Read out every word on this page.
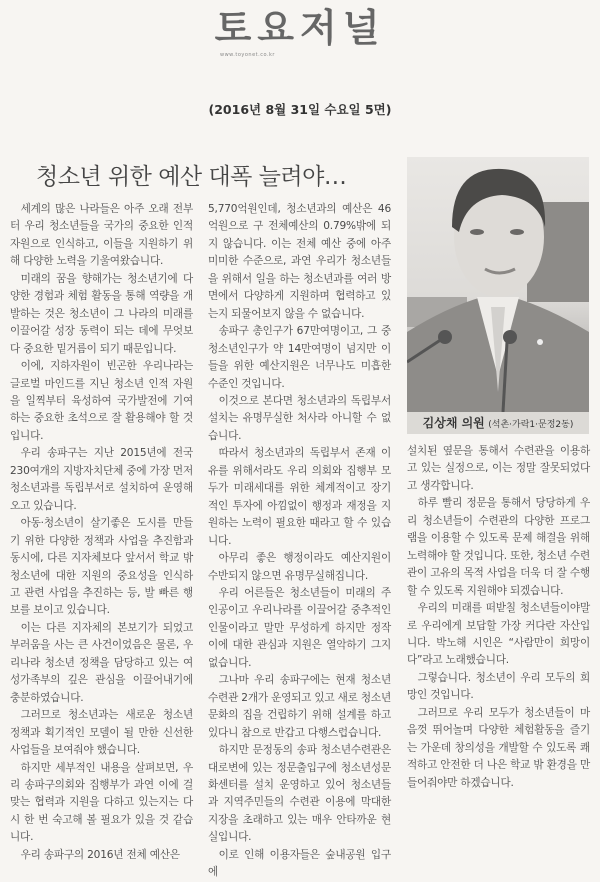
토요저널
www.toyonet.co.kr
(2016년 8월 31일 수요일 5면)
청소년 위한 예산 대폭 늘려야…
김상채 의원 (석촌·가락1·문정2동)

세계의 많은 나라들은 아주 오래 전부터 우리 청소년들을 국가의 중요한 인적 자원으로 인식하고, 이들을 지원하기 위해 다양한 노력을 기울여왔습니다.

미래의 꿈을 향해가는 청소년기에 다양한 경험과 체험 활동을 통해 역량을 개발하는 것은 청소년이 그 나라의 미래를 이끌어갈 성장 동력이 되는 데에 무엇보다 중요한 밑거름이 되기 때문입니다.

이에, 지하자원이 빈곤한 우리나라는 글로벌 마인드를 지닌 청소년 인적 자원을 일찍부터 육성하여 국가발전에 기여하는 중요한 초석으로 잘 활용해야 할 것입니다.

우리 송파구는 지난 2015년에 전국 230여개의 지방자치단체 중에 가장 먼저 청소년과를 독립부서로 설치하여 운영해오고 있습니다.

아동·청소년이 살기좋은 도시를 만들기 위한 다양한 정책과 사업을 추진함과 동시에, 다른 지자체보다 앞서서 학교 밖 청소년에 대한 지원의 중요성을 인식하고 관련 사업을 추진하는 등, 발 빠른 행보를 보이고 있습니다.

이는 다른 지자체의 본보기가 되었고 부러움을 사는 큰 사건이었음은 물론, 우리나라 청소년 정책을 담당하고 있는 여성가족부의 깊은 관심을 이끌어내기에 충분하였습니다.

그러므로 청소년과는 새로운 청소년 정책과 획기적인 모델이 될 만한 신선한 사업들을 보여줘야 했습니다.

하지만 세부적인 내용을 살펴보면, 우리 송파구의회와 집행부가 과연 이에 걸맞는 협력과 지원을 다하고 있는지는 다시 한 번 숙고해 볼 필요가 있을 것 같습니다.

우리 송파구의 2016년 전체 예산은

5,770억원인데, 청소년과의 예산은 46억원으로 구 전체예산의 0.79%밖에 되지 않습니다. 이는 전체 예산 중에 아주 미미한 수준으로, 과연 우리가 청소년들을 위해서 일을 하는 청소년과를 여러 방면에서 다양하게 지원하며 협력하고 있는지 되물어보지 않을 수 없습니다.

송파구 총인구가 67만여명이고, 그 중 청소년인구가 약 14만여명이 넘지만 이들을 위한 예산지원은 너무나도 미흡한 수준인 것입니다.

이것으로 본다면 청소년과의 독립부서 설치는 유명무실한 처사라 아니할 수 없습니다.

따라서 청소년과의 독립부서 존재 이유를 위해서라도 우리 의회와 집행부 모두가 미래세대를 위한 체계적이고 장기적인 투자에 아낌없이 행정과 재정을 지원하는 노력이 필요한 때라고 할 수 있습니다.

아무리 좋은 행정이라도 예산지원이 수반되지 않으면 유명무실해집니다.

우리 어른들은 청소년들이 미래의 주인공이고 우리나라를 이끌어갈 중추적인 인물이라고 말만 무성하게 하지만 정작 이에 대한 관심과 지원은 열악하기 그지 없습니다.

그나마 우리 송파구에는 현재 청소년수련관 2개가 운영되고 있고 새로 청소년 문화의 집을 건립하기 위해 설계를 하고 있다니 참으로 반갑고 다행스럽습니다.

하지만 문정동의 송파 청소년수련관은 대로변에 있는 정문출입구에 청소년성문화센터를 설치 운영하고 있어 청소년들과 지역주민들의 수련관 이용에 막대한 지장을 초래하고 있는 매우 안타까운 현실입니다.

이로 인해 이용자들은 숲내공원 입구에

설치된 옆문을 통해서 수련관을 이용하고 있는 실정으로, 이는 정말 잘못되었다고 생각합니다.

하루 빨리 정문을 통해서 당당하게 우리 청소년들이 수련관의 다양한 프로그램을 이용할 수 있도록 문제 해결을 위해 노력해야 할 것입니다. 또한, 청소년 수련관이 고유의 목적 사업을 더욱 더 잘 수행할 수 있도록 지원해야 되겠습니다.

우리의 미래를 떠받칠 청소년들이야말로 우리에게 보답할 가장 커다란 자산입니다. 박노해 시인은 “사람만이 희망이다”라고 노래했습니다.

그렇습니다. 청소년이 우리 모두의 희망인 것입니다.

그러므로 우리 모두가 청소년들이 마음껏 뛰어놀며 다양한 체험활동을 즐기는 가운데 창의성을 개발할 수 있도록 쾌적하고 안전한 더 나은 학교 밖 환경을 만들어줘야만 하겠습니다.
